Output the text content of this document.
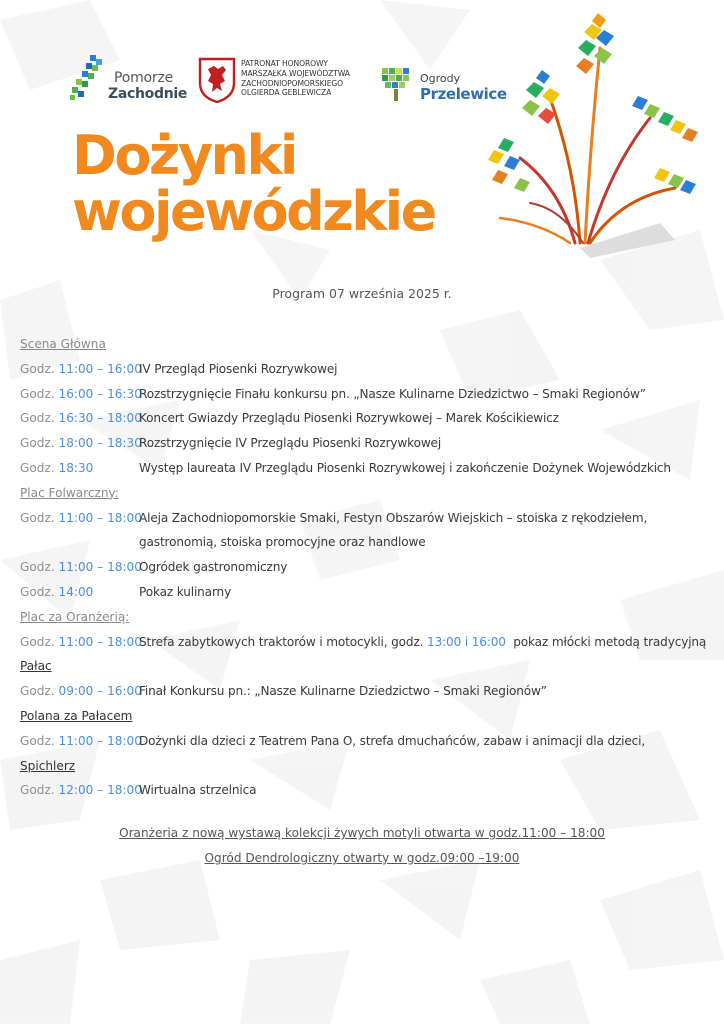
Pomorze
Zachodnie
PATRONAT HONOROWY
MARSZAŁKA WOJEWÓDZTWA
ZACHODNIOPOMORSKIEGO
OLGIERDA GEBLEWICZA
Ogrody
Przelewice
Dożynki
wojewódzkie
Program 07 września 2025 r.
Scena Główna
Godz. 11:00 – 16:00
IV Przegląd Piosenki Rozrywkowej
Godz. 16:00 – 16:30
Rozstrzygnięcie Finału konkursu pn. „Nasze Kulinarne Dziedzictwo – Smaki Regionów”
Godz. 16:30 – 18:00
Koncert Gwiazdy Przeglądu Piosenki Rozrywkowej – Marek Kościkiewicz
Godz. 18:00 – 18:30
Rozstrzygnięcie IV Przeglądu Piosenki Rozrywkowej
Godz. 18:30	Występ laureata IV Przeglądu Piosenki Rozrywkowej i zakończenie Dożynek Wojewódzkich
Plac Folwarczny:
Godz. 11:00 – 18:00
Aleja Zachodniopomorskie Smaki, Festyn Obszarów Wiejskich – stoiska z rękodziełem,
gastronomią, stoiska promocyjne oraz handlowe
Godz. 11:00 – 18:00
Ogródek gastronomiczny
Godz. 14:00	Pokaz kulinarny
Plac za Oranżerią:
Godz. 11:00 – 18:00
Strefa zabytkowych traktorów i motocykli, godz. 13:00 i 16:00 pokaz młócki metodą tradycyjną
Pałac
Godz. 09:00 – 16:00
Finał Konkursu pn.: „Nasze Kulinarne Dziedzictwo – Smaki Regionów”
Polana za Pałacem
Godz. 11:00 – 18:00
Dożynki dla dzieci z Teatrem Pana O, strefa dmuchańców, zabaw i animacji dla dzieci,
Spichlerz
Godz. 12:00 – 18:00
Wirtualna strzelnica
Oranżeria z nową wystawą kolekcji żywych motyli otwarta w godz.11:00 – 18:00
Ogród Dendrologiczny otwarty w godz.09:00 –19:00
